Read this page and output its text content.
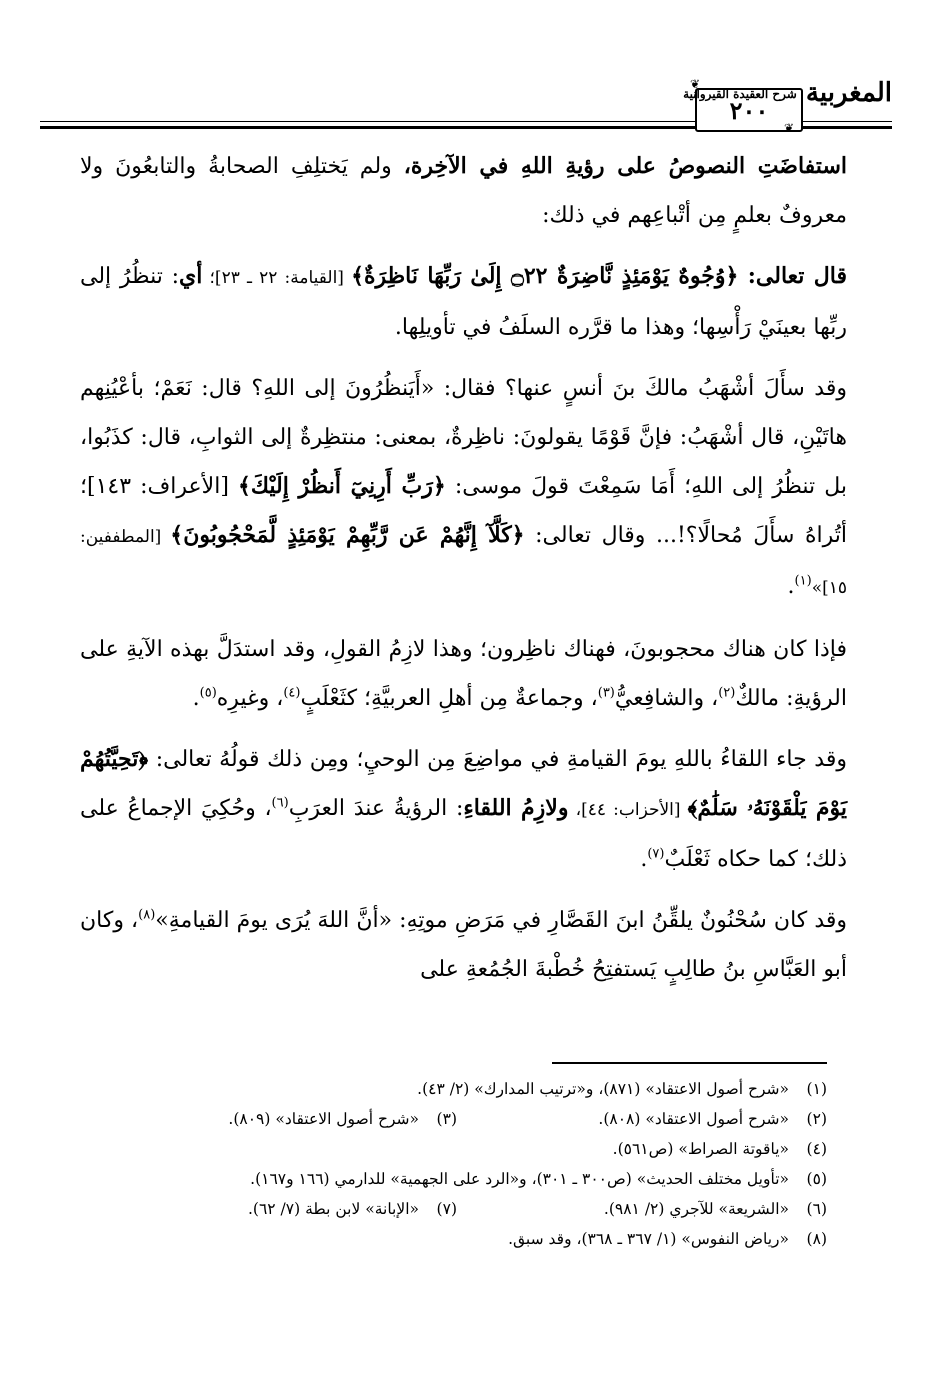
٢٠٠
❦
❦
المغربية شرح العقيدة القيروانية

استفاضَتِ النصوصُ على رؤيةِ اللهِ في الآخِرة، ولم يَختلِفِ الصحابةُ والتابعُونَ ولا معروفٌ بعلمٍ مِن أتْباعِهم في ذلك:

قال تعالى: ﴿وُجُوهٌ يَوْمَئِذٍ نَّاضِرَةٌ ۝٢٢ إِلَىٰ رَبِّهَا نَاظِرَةٌ﴾ [القيامة: ٢٢ ـ ٢٣]؛ أي: تنظُرُ إلى ربِّها بعينَيْ رَأْسِها؛ وهذا ما قرَّره السلَفُ في تأويلِها.

وقد سأَلَ أشْهَبُ مالكَ بنَ أنسٍ عنها؟ فقال: «أَيَنظُرُونَ إلى اللهِ؟ قال: نَعَمْ؛ بأعْيُنِهم هاتَيْنِ، قال أشْهَبُ: فإنَّ قَوْمًا يقولونَ: ناظِرةٌ، بمعنى: منتظِرةٌ إلى الثوابِ، قال: كذَبُوا، بل تنظُرُ إلى اللهِ؛ أَمَا سَمِعْتَ قولَ موسى: ﴿رَبِّ أَرِنِيٓ أَنظُرْ إِلَيْكَ﴾ [الأعراف: ١٤٣]؛ أتُراهُ سأَلَ مُحالًا؟!... وقال تعالى: ﴿كَلَّآ إِنَّهُمْ عَن رَّبِّهِمْ يَوْمَئِذٍ لَّمَحْجُوبُونَ﴾ [المطففين: ١٥]»$^{(١)}$.

فإذا كان هناك محجوبونَ، فهناك ناظِرون؛ وهذا لازِمُ القولِ، وقد استدَلَّ بهذه الآيةِ على الرؤيةِ: مالكٌ$^{(٢)}$، والشافِعيُّ$^{(٣)}$، وجماعةٌ مِن أهلِ العربيَّةِ؛ كثَعْلَبٍ$^{(٤)}$، وغيرِه$^{(٥)}$.

وقد جاء اللقاءُ باللهِ يومَ القيامةِ في مواضِعَ مِن الوحيِ؛ ومِن ذلك قولُهُ تعالى: ﴿تَحِيَّتُهُمْ يَوْمَ يَلْقَوْنَهُۥ سَلَٰمٌ﴾ [الأحزاب: ٤٤]، ولازِمُ اللقاءِ: الرؤيةُ عندَ العرَبِ$^{(٦)}$، وحُكِيَ الإجماعُ على ذلك؛ كما حكاه ثَعْلَبٌ$^{(٧)}$.

وقد كان سُحْنُونٌ يلقِّنُ ابنَ القَصَّارِ في مَرَضِ موتِهِ: «أنَّ اللهَ يُرَى يومَ القيامةِ»$^{(٨)}$، وكان أبو العَبَّاسِ بنُ طالِبٍ يَستفتِحُ خُطْبةَ الجُمُعةِ على

(١)
«شرح أصول الاعتقاد» (٨٧١)، و«ترتيب المدارك» (٢/ ٤٣).
(٢)
«شرح أصول الاعتقاد» (٨٠٨).
(٣)
«شرح أصول الاعتقاد» (٨٠٩).
(٤)
«ياقوتة الصراط» (ص٥٦١).
(٥)
«تأويل مختلف الحديث» (ص٣٠٠ ـ ٣٠١)، و«الرد على الجهمية» للدارمي (١٦٦ و١٦٧).
(٦)
«الشريعة» للآجري (٢/ ٩٨١).
(٧)
«الإبانة» لابن بطة (٧/ ٦٢).
(٨)
«رياض النفوس» (١/ ٣٦٧ ـ ٣٦٨)، وقد سبق.
